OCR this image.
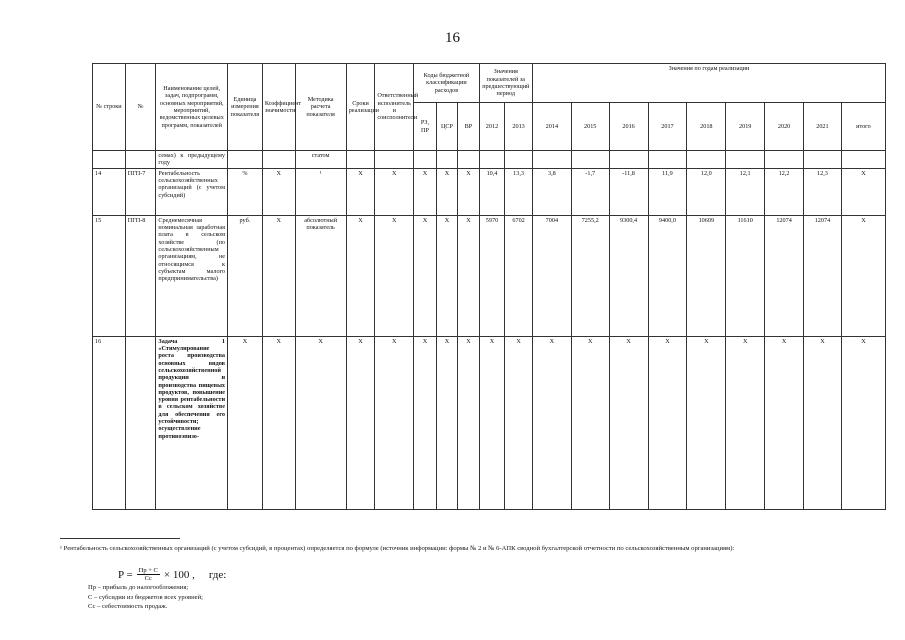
16
№ строки	№	Наименование целей, задач, подпрограмм, основных мероприятий, мероприятий, ведомственных целевых программ, показателей	Единица измерения показателя	Коэффициент значимости	Методика расчета показателя	Сроки реализации	Ответственный исполнитель и соисполнители	Коды бюджетной классификации расходов			Значения показателей за предшествующий период		Значения по годам реализации								
								РЗ, ПР	ЦСР	ВР	2012	2013	2014	2015	2016	2017	2018	2019	2020	2021	итого
		семах) к предыдущему году			статом																
14	ПГП-7	Рентабельность сельскохозяйственных организаций (с учетом субсидий)	%	X	¹	X	X	X	X	X	10,4	13,3	3,8	-1,7	-11,8	11,9	12,0	12,1	12,2	12,3	X
15	ПГП-8	Среднемесячная номинальная заработная плата в сельском хозяйстве (по сельскохозяйственным организациям, не относящимся к субъектам малого предпринимательства)	руб.	X	абсолютный показатель	X	X	X	X	X	5970	6702	7004	7255,2	9300,4	9400,0	10609	11610	12074	12074	X
16		Задача 1 «Стимулирование роста производства основных видов сельскохозяйственной продукции и производства пищевых продуктов, повышение уровня рентабельности в сельском хозяйстве для обеспечения его устойчивости; осуществление противоэпизо-	X	X	X	X	X	X	X	X	X	X	X	X	X	X	X	X	X	X	X
¹ Рентабельность сельскохозяйственных организаций (с учетом субсидий, в процентах) определяется по формуле (источник информации: формы № 2 и № 6-АПК сводной бухгалтерской отчетности по сельскохозяйственным организациям):
$P = \frac{Пр + С}{Сс} \times 100$ , где:
Пр – прибыль до налогообложения;
С – субсидии из бюджетов всех уровней;
Сс – себестоимость продаж.
